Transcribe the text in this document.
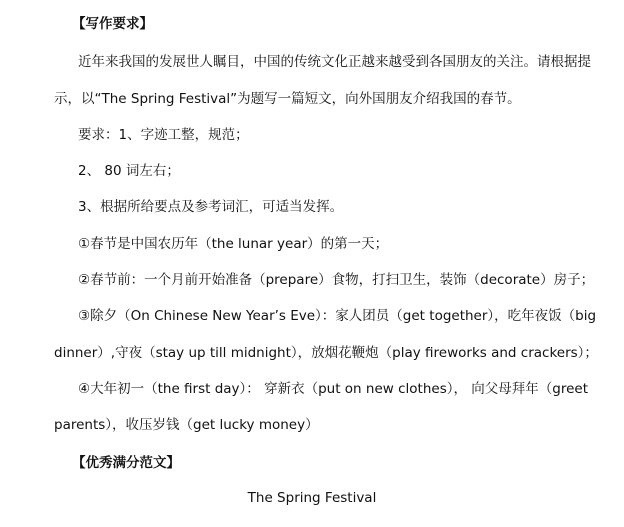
【写作要求】
近年来我国的发展世人瞩目，中国的传统文化正越来越受到各国朋友的关注。请根据提
示，以“The Spring Festival”为题写一篇短文，向外国朋友介绍我国的春节。
要求：1、字迹工整，规范；
2、 80 词左右；
3、根据所给要点及参考词汇，可适当发挥。
①春节是中国农历年（the lunar year）的第一天；
②春节前：一个月前开始准备（prepare）食物，打扫卫生，装饰（decorate）房子；
③除夕（On Chinese New Year’s Eve）：家人团员（get together），吃年夜饭（big
dinner）,守夜（stay up till midnight），放烟花鞭炮（play fireworks and crackers）；
④大年初一（the first day）： 穿新衣（put on new clothes）， 向父母拜年（greet
parents），收压岁钱（get lucky money）
【优秀满分范文】
The Spring Festival
